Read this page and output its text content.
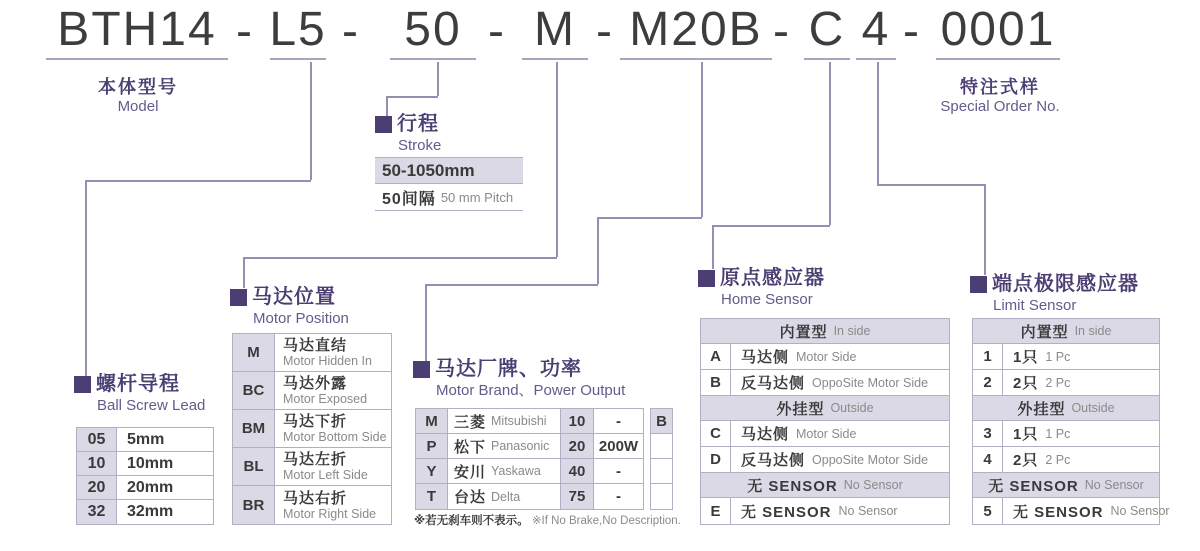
BTH14 - L5 - 50 - M - M20B - C 4 - 0001
本体型号
Model
特注式样
Special Order No.
行程
Stroke
螺杆导程
Ball Screw Lead
马达位置
Motor Position
马达厂牌、功率
Motor Brand、Power Output
原点感应器
Home Sensor
端点极限感应器
Limit Sensor
50-1050mm
50间隔 50 mm Pitch
05	5mm
10	10mm
20	20mm
32	32mm
M	马达直结
Motor Hidden In
BC	马达外露
Motor Exposed
BM	马达下折
Motor Bottom Side
BL	马达左折
Motor Left Side
BR	马达右折
Motor Right Side
M	三菱 Mitsubishi	10	-
P	松下 Panasonic	20 200W
Y	安川 Yaskawa	40	-
T	台达 Delta	75	-
B
※若无刹车则不表示。 ※If No Brake,No Description.
内置型 In side
A	马达侧 Motor Side
B	反马达侧 OppoSite Motor Side
外挂型 Outside
C	马达侧 Motor Side
D	反马达侧 OppoSite Motor Side
无 SENSOR No Sensor
E	无 SENSOR No Sensor
内置型 In side
1	1只 1 Pc
2	2只 2 Pc
外挂型 Outside
3	1只 1 Pc
4	2只 2 Pc
无 SENSOR No Sensor
5	无 SENSOR No Sensor
